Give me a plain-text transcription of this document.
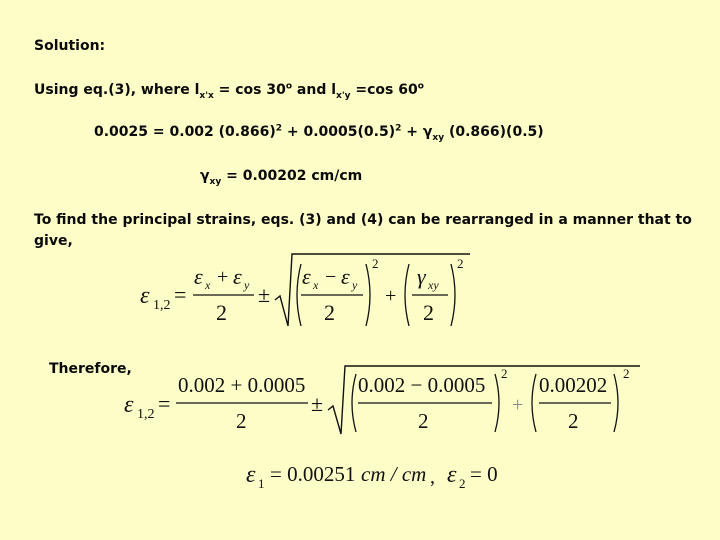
Solution:
Using eq.(3), where $l_{x'x} = \cos 30^o$ and $l_{x'y} =\cos$ 60$^o$
0.0025 = 0.002 $(0.866)^2 + 0.0005(0.5)^2 + \gamma_{xy}$ (0.866)(0.5)
$\gamma_{xy} = 0.00202$ cm/cm
To find the principal strains, eqs. (3) and (4) can be rearranged in a manner that to
give,
ε 1,2 =
ε x + ε y
2
±
ε x − ε y
2
2
+
γ xy
2
2
Therefore,
ε 1,2 =
0.002 + 0.0005
2
±
0.002 − 0.0005
2
2
+
0.00202
2
2
ε 1 = 0.00251 cm / cm , ε 2 = 0
